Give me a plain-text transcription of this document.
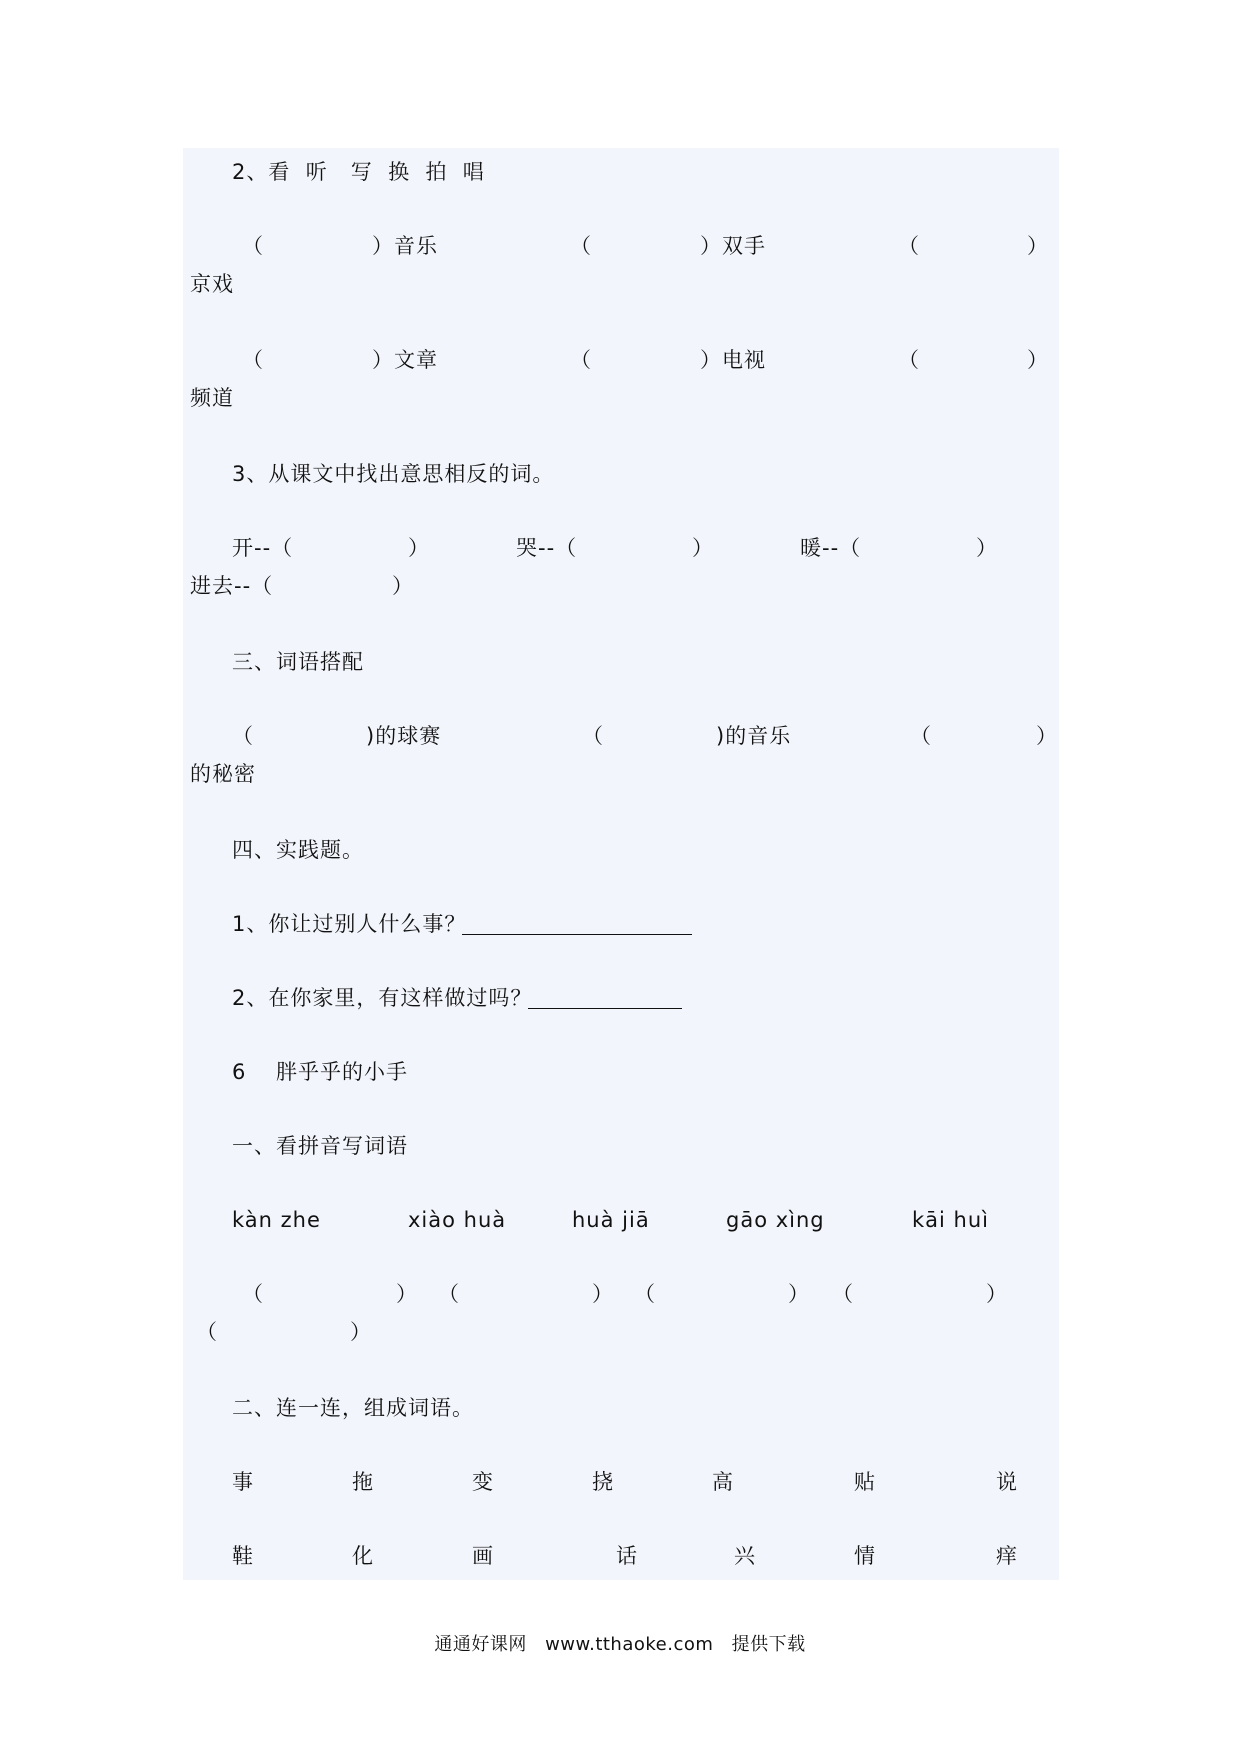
2、看  听   写  换  拍  唱
（	）音乐	（	）双手	（	）
京戏
（	）文章	（	）电视	（	）
频道
3、从课文中找出意思相反的词。
开--（	）	哭--（	）	暖--（	）
进去--（	）
三、词语搭配
（	)的球赛	（	)的音乐	（	）
的秘密
四、实践题。
1、你让过别人什么事？
2、在你家里，有这样做过吗？
6 胖乎乎的小手
一、看拼音写词语
kàn zhe	xiào huà	huà jiā	gāo xìng	kāi huì
（	） （	） （	） （	）
（	）
二、连一连，组成词语。
事	拖	变	挠	高	贴	说
鞋	化	画	话	兴	情	痒
通通好课网 www.tthaoke.com 提供下载
